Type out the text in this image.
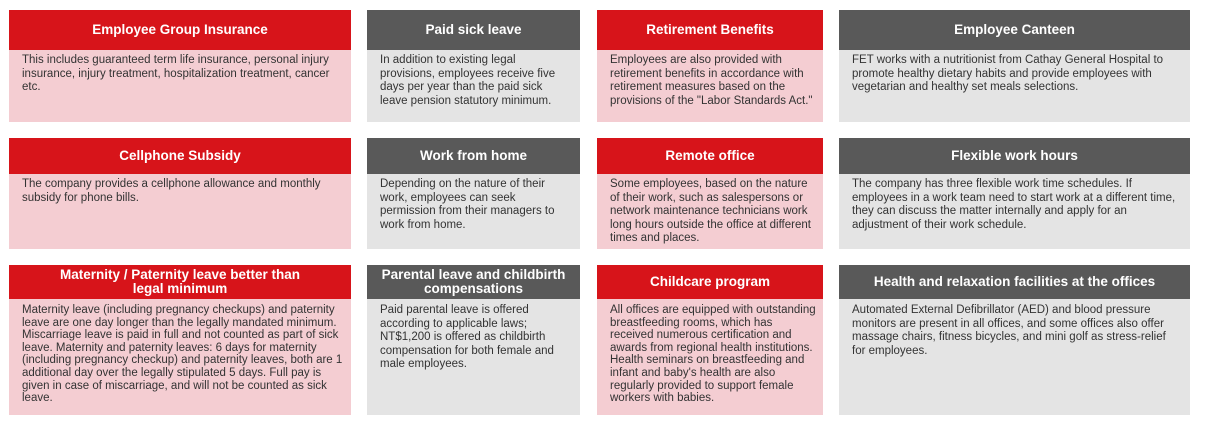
Employee Group Insurance
This includes guaranteed term life insurance, personal injury insurance, injury treatment, hospitalization treatment, cancer etc.
Paid sick leave
In addition to existing legal provisions, employees receive five days per year than the paid sick leave pension statutory minimum.
Retirement Benefits
Employees are also provided with retirement benefits in accordance with retirement measures based on the provisions of the "Labor Standards Act."
Employee Canteen
FET works with a nutritionist from Cathay General Hospital to promote healthy dietary habits and provide employees with vegetarian and healthy set meals selections.
Cellphone Subsidy
The company provides a cellphone allowance and monthly subsidy for phone bills.
Work from home
Depending on the nature of their work, employees can seek permission from their managers to work from home.
Remote office
Some employees, based on the nature of their work, such as salespersons or network maintenance technicians work long hours outside the office at different times and places.
Flexible work hours
The company has three flexible work time schedules. If employees in a work team need to start work at a different time, they can discuss the matter internally and apply for an adjustment of their work schedule.
Maternity / Paternity leave better than legal minimum
Maternity leave (including pregnancy checkups) and paternity leave are one day longer than the legally mandated minimum. Miscarriage leave is paid in full and not counted as part of sick leave. Maternity and paternity leaves: 6 days for maternity (including pregnancy checkup) and paternity leaves, both are 1 additional day over the legally stipulated 5 days. Full pay is given in case of miscarriage, and will not be counted as sick leave.
Parental leave and childbirth compensations
Paid parental leave is offered according to applicable laws; NT$1,200 is offered as childbirth compensation for both female and male employees.
Childcare program
All offices are equipped with outstanding breastfeeding rooms, which has received numerous certification and awards from regional health institutions. Health seminars on breastfeeding and infant and baby's health are also regularly provided to support female workers with babies.
Health and relaxation facilities at the offices
Automated External Defibrillator (AED) and blood pressure monitors are present in all offices, and some offices also offer massage chairs, fitness bicycles, and mini golf as stress-relief for employees.
